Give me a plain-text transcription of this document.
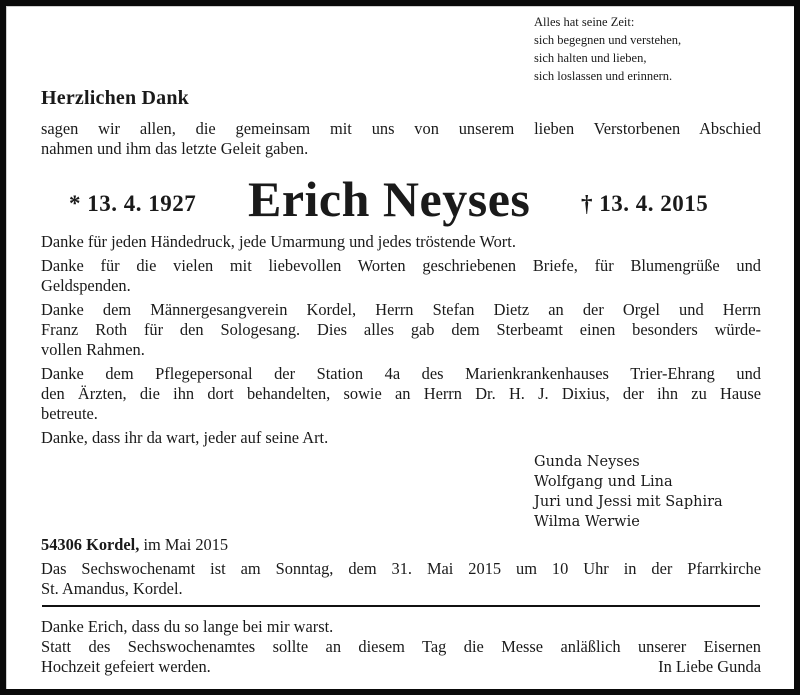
Alles hat seine Zeit:
sich begegnen und verstehen,
sich halten und lieben,
sich loslassen und erinnern.
Herzlichen Dank
sagen wir allen, die gemeinsam mit uns von unserem lieben Verstorbenen Abschied
nahmen und ihm das letzte Geleit gaben.
* 13. 4. 1927 Erich Neyses † 13. 4. 2015

Danke für jeden Händedruck, jede Umarmung und jedes tröstende Wort.

Danke für die vielen mit liebevollen Worten geschriebenen Briefe, für Blumengrüße und
Geldspenden.

Danke dem Männergesangverein Kordel, Herrn Stefan Dietz an der Orgel und Herrn
Franz Roth für den Sologesang. Dies alles gab dem Sterbeamt einen besonders würde-
vollen Rahmen.

Danke dem Pflegepersonal der Station 4a des Marienkrankenhauses Trier-Ehrang und
den Ärzten, die ihn dort behandelten, sowie an Herrn Dr. H. J. Dixius, der ihn zu Hause
betreute.

Danke, dass ihr da wart, jeder auf seine Art.

Gunda Neyses
Wolfgang und Lina
Juri und Jessi mit Saphira
Wilma Werwie
54306 Kordel, im Mai 2015
Das Sechswochenamt ist am Sonntag, dem 31. Mai 2015 um 10 Uhr in der Pfarrkirche
St. Amandus, Kordel.
Danke Erich, dass du so lange bei mir warst.
Statt des Sechswochenamtes sollte an diesem Tag die Messe anläßlich unserer Eisernen
Hochzeit gefeiert werden.	In Liebe Gunda
